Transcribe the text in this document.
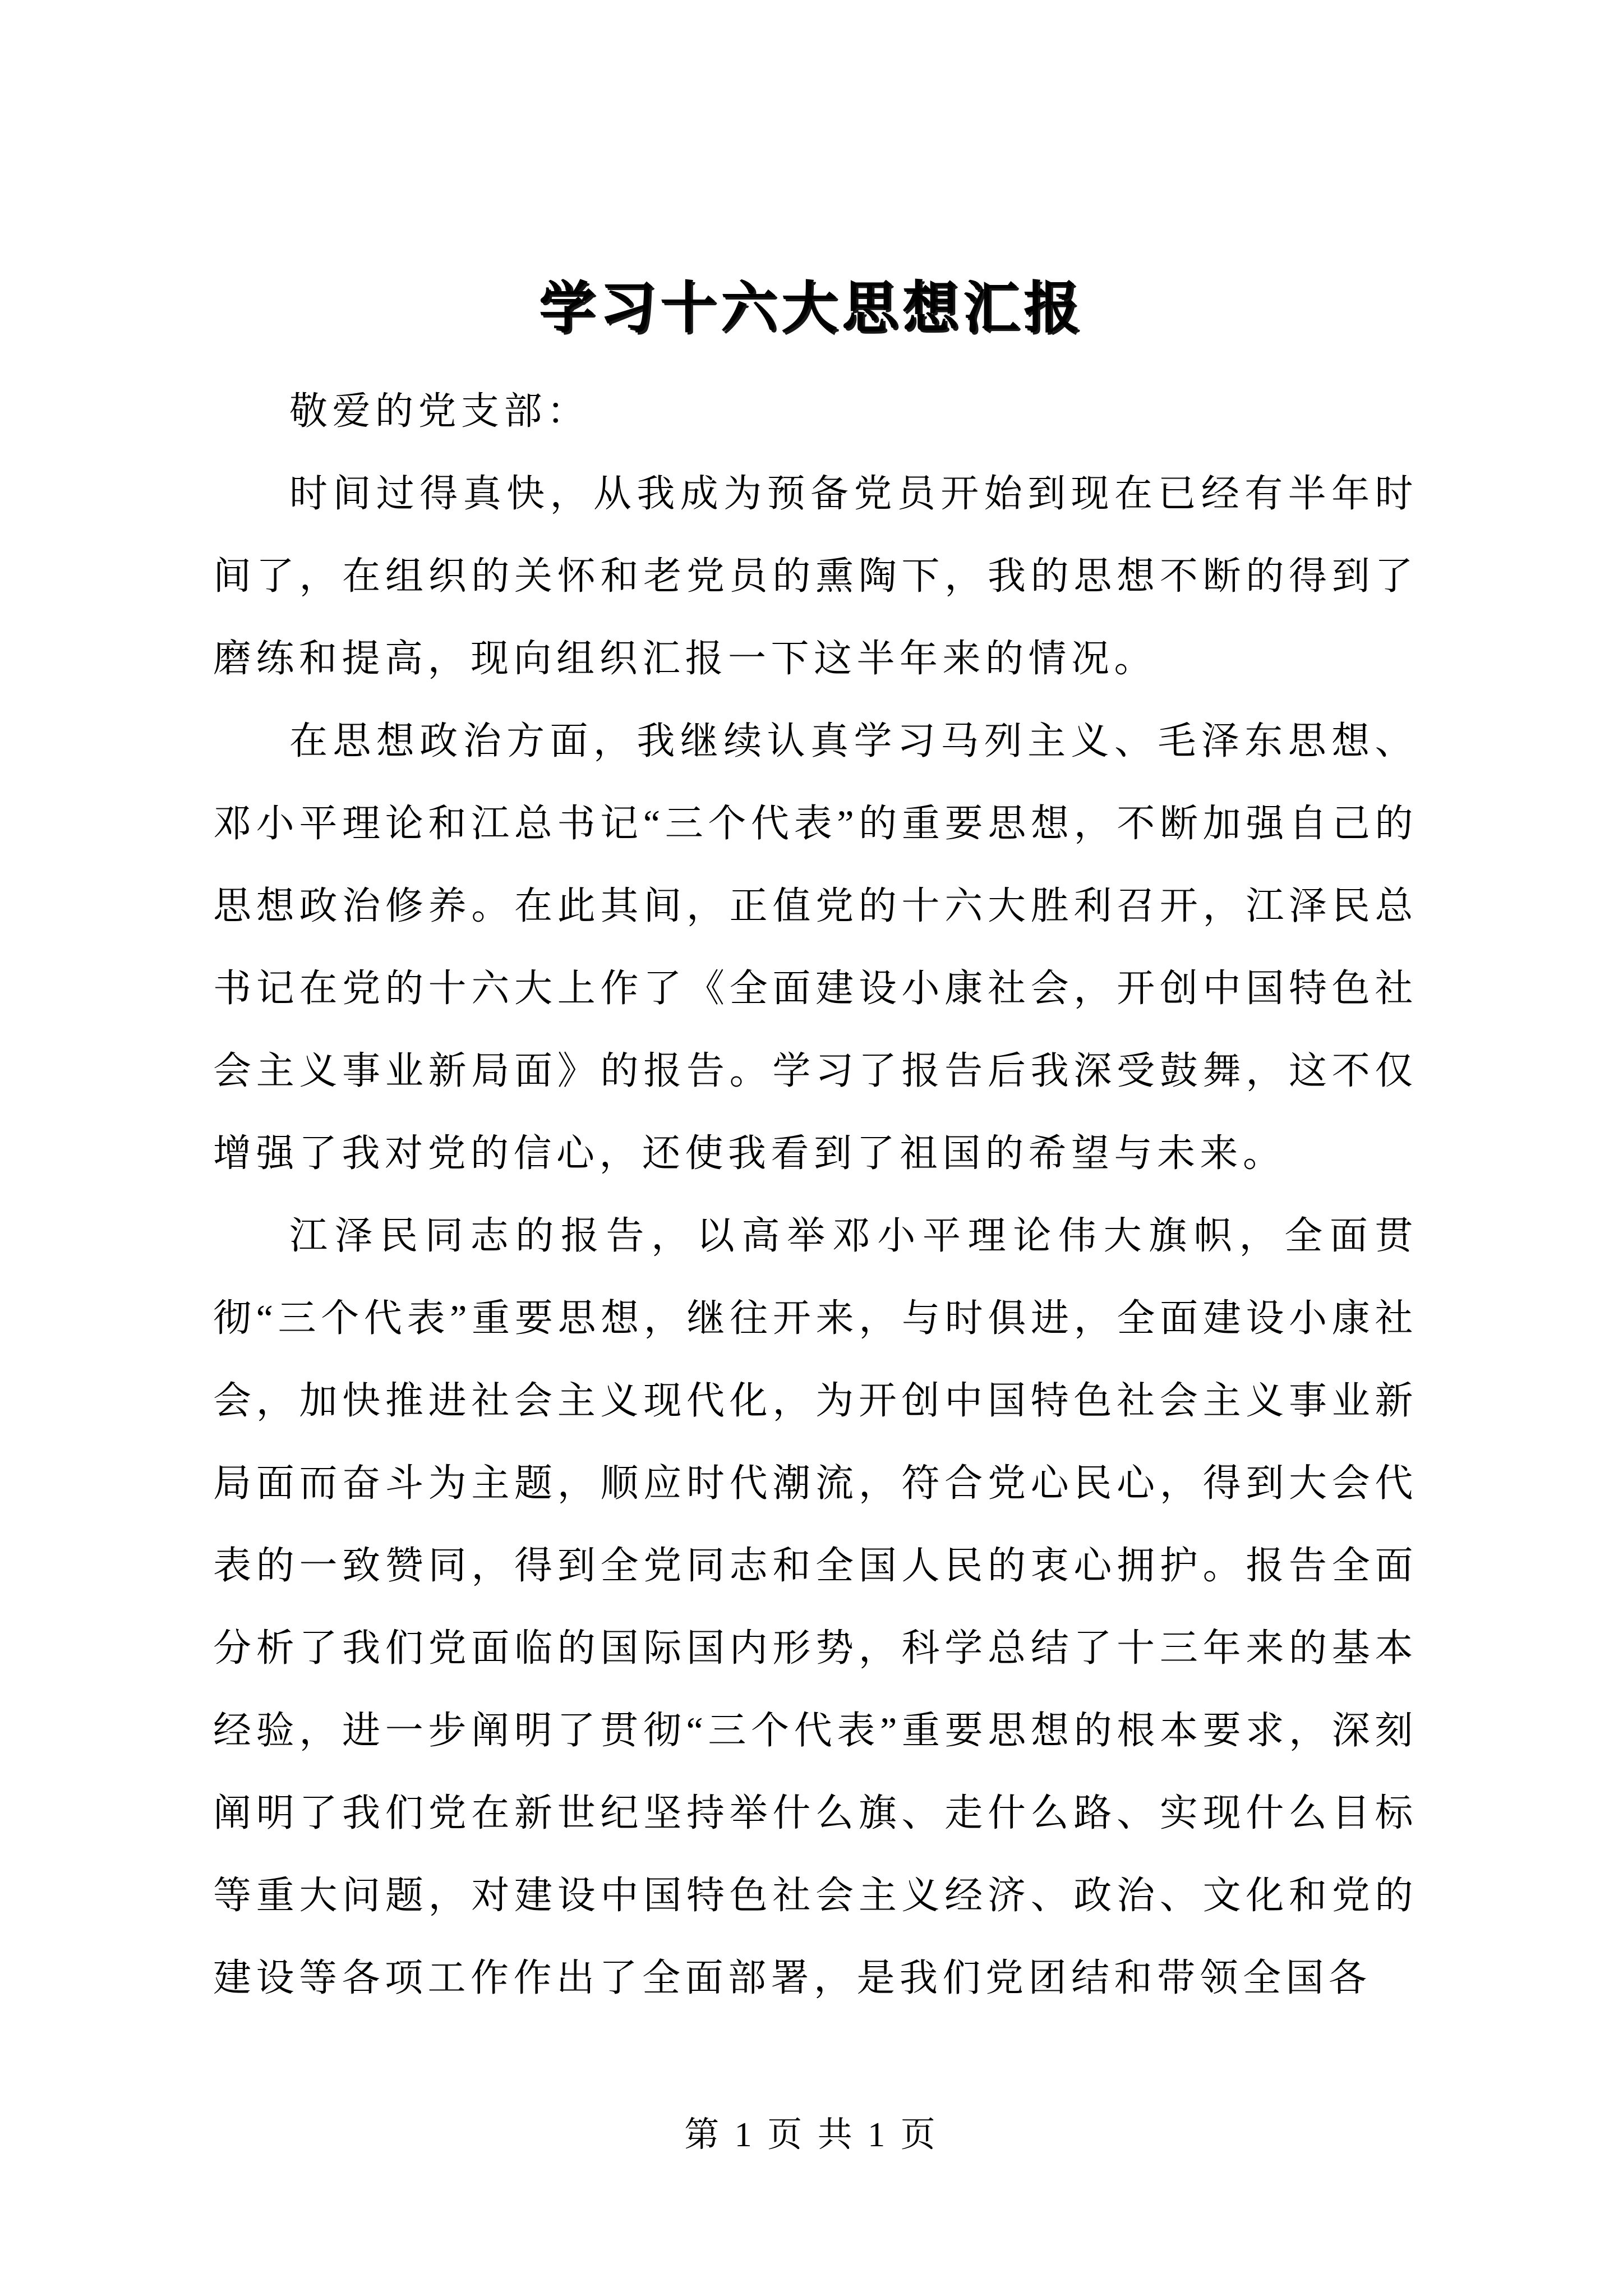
学习十六大思想汇报

敬爱的党支部：

时间过得真快，从我成为预备党员开始到现在已经有半年时间了，在组织的关怀和老党员的熏陶下，我的思想不断的得到了磨练和提高，现向组织汇报一下这半年来的情况。

在思想政治方面，我继续认真学习马列主义、毛泽东思想、邓小平理论和江总书记“三个代表”的重要思想，不断加强自己的思想政治修养。在此其间，正值党的十六大胜利召开，江泽民总书记在党的十六大上作了《全面建设小康社会，开创中国特色社会主义事业新局面》的报告。学习了报告后我深受鼓舞，这不仅增强了我对党的信心，还使我看到了祖国的希望与未来。

江泽民同志的报告，以高举邓小平理论伟大旗帜，全面贯彻“三个代表”重要思想，继往开来，与时俱进，全面建设小康社会，加快推进社会主义现代化，为开创中国特色社会主义事业新局面而奋斗为主题，顺应时代潮流，符合党心民心，得到大会代表的一致赞同，得到全党同志和全国人民的衷心拥护。报告全面分析了我们党面临的国际国内形势，科学总结了十三年来的基本经验，进一步阐明了贯彻“三个代表”重要思想的根本要求，深刻阐明了我们党在新世纪坚持举什么旗、走什么路、实现什么目标等重大问题，对建设中国特色社会主义经济、政治、文化和党的建设等各项工作作出了全面部署，是我们党团结和带领全国各

第 1 页 共 1 页
